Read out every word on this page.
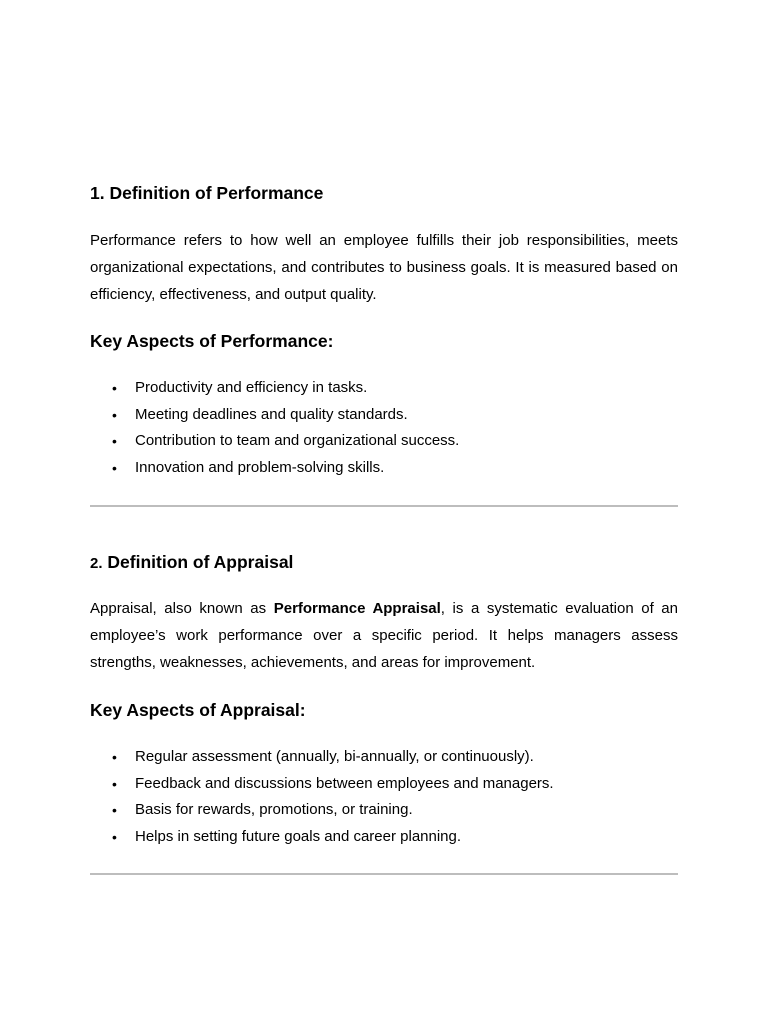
1. Definition of Performance

Performance refers to how well an employee fulfills their job responsibilities, meets organizational expectations, and contributes to business goals. It is measured based on efficiency, effectiveness, and output quality.

Key Aspects of Performance:
• Productivity and efficiency in tasks.
• Meeting deadlines and quality standards.
• Contribution to team and organizational success.
• Innovation and problem-solving skills.
2. Definition of Appraisal

Appraisal, also known as Performance Appraisal, is a systematic evaluation of an employee’s work performance over a specific period. It helps managers assess strengths, weaknesses, achievements, and areas for improvement.

Key Aspects of Appraisal:
• Regular assessment (annually, bi-annually, or continuously).
• Feedback and discussions between employees and managers.
• Basis for rewards, promotions, or training.
• Helps in setting future goals and career planning.
